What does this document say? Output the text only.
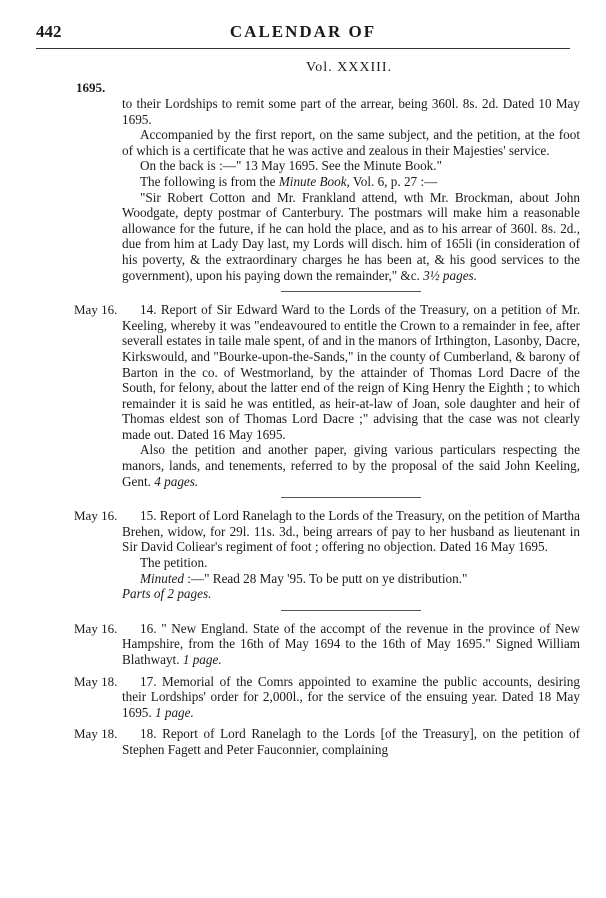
442	CALENDAR OF
Vol. XXXIII.
1695.

to their Lordships to remit some part of the arrear, being 360l. 8s. 2d. Dated 10 May 1695.

Accompanied by the first report, on the same subject, and the petition, at the foot of which is a certificate that he was active and zealous in their Majesties' service.

On the back is :—" 13 May 1695. See the Minute Book."

The following is from the Minute Book, Vol. 6, p. 27 :—

"Sir Robert Cotton and Mr. Frankland attend, wth Mr. Brockman, about John Woodgate, depty postmar of Canterbury. The postmars will make him a reasonable allowance for the future, if he can hold the place, and as to his arrear of 360l. 8s. 2d., due from him at Lady Day last, my Lords will disch. him of 165li (in consideration of his poverty, & the extraordinary charges he has been at, & his good services to the government), upon his paying down the remainder," &c. 3½ pages.

May 16.	14. Report of Sir Edward Ward to the Lords of the Treasury, on a petition of Mr. Keeling, whereby it was "endeavoured to entitle the Crown to a remainder in fee, after severall estates in taile male spent, of and in the manors of Irthington, Lasonby, Dacre, Kirkswould, and "Bourke-upon-the-Sands," in the county of Cumberland, & barony of Barton in the co. of Westmorland, by the attainder of Thomas Lord Dacre of the South, for felony, about the latter end of the reign of King Henry the Eighth ; to which remainder it is said he was entitled, as heir-at-law of Joan, sole daughter and heir of Thomas eldest son of Thomas Lord Dacre ;" advising that the case was not clearly made out. Dated 16 May 1695.

Also the petition and another paper, giving various particulars respecting the manors, lands, and tenements, referred to by the proposal of the said John Keeling, Gent. 4 pages.

May 16.	15. Report of Lord Ranelagh to the Lords of the Treasury, on the petition of Martha Brehen, widow, for 29l. 11s. 3d., being arrears of pay to her husband as lieutenant in Sir David Coliear's regiment of foot ; offering no objection. Dated 16 May 1695.

The petition.

Minuted :—" Read 28 May '95. To be putt on ye distribution."

Parts of 2 pages.

May 16.	16. " New England. State of the accompt of the revenue in the province of New Hampshire, from the 16th of May 1694 to the 16th of May 1695." Signed William Blathwayt. 1 page.

May 18.	17. Memorial of the Comrs appointed to examine the public accounts, desiring their Lordships' order for 2,000l., for the service of the ensuing year. Dated 18 May 1695. 1 page.

May 18.	18. Report of Lord Ranelagh to the Lords [of the Treasury], on the petition of Stephen Fagett and Peter Fauconnier, complaining
